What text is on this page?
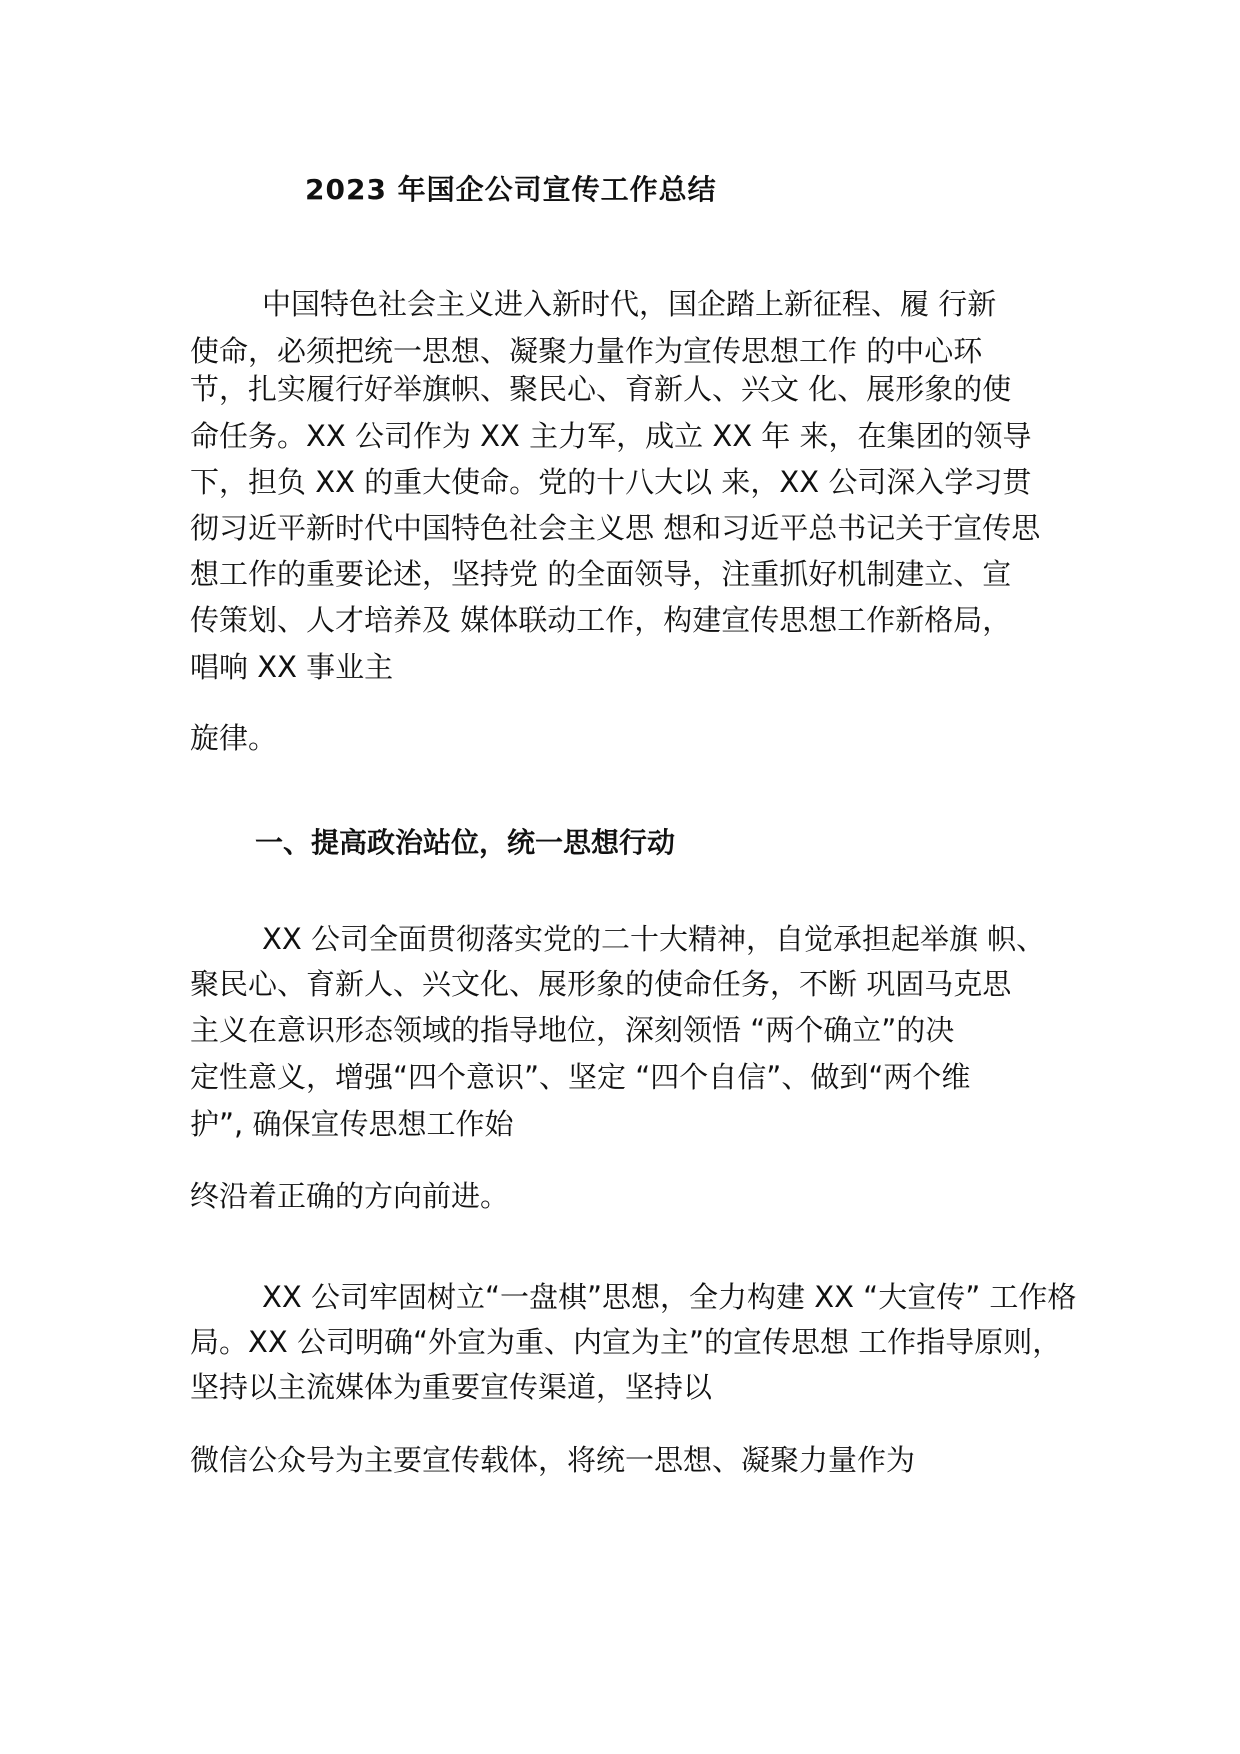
2023 年国企公司宣传工作总结
中国特色社会主义进入新时代，国企踏上新征程、履 行新
使命，必须把统一思想、凝聚力量作为宣传思想工作 的中心环
节，扎实履行好举旗帜、聚民心、育新人、兴文 化、展形象的使
命任务。XX 公司作为 XX 主力军，成立 XX 年 来，在集团的领导
下，担负 XX 的重大使命。党的十八大以 来，XX 公司深入学习贯
彻习近平新时代中国特色社会主义思 想和习近平总书记关于宣传思
想工作的重要论述，坚持党 的全面领导，注重抓好机制建立、宣
传策划、人才培养及 媒体联动工作，构建宣传思想工作新格局，
唱响 XX 事业主
旋律。
一、提高政治站位，统一思想行动
XX 公司全面贯彻落实党的二十大精神，自觉承担起举旗 帜、
聚民心、育新人、兴文化、展形象的使命任务，不断 巩固马克思
主义在意识形态领域的指导地位，深刻领悟 “两个确立”的决
定性意义，增强“四个意识”、坚定 “四个自信”、做到“两个维
护”, 确保宣传思想工作始
终沿着正确的方向前进。
XX 公司牢固树立“一盘棋”思想，全力构建 XX “大宣传” 工作格
局。XX 公司明确“外宣为重、内宣为主”的宣传思想 工作指导原则，
坚持以主流媒体为重要宣传渠道，坚持以
微信公众号为主要宣传载体，将统一思想、凝聚力量作为
